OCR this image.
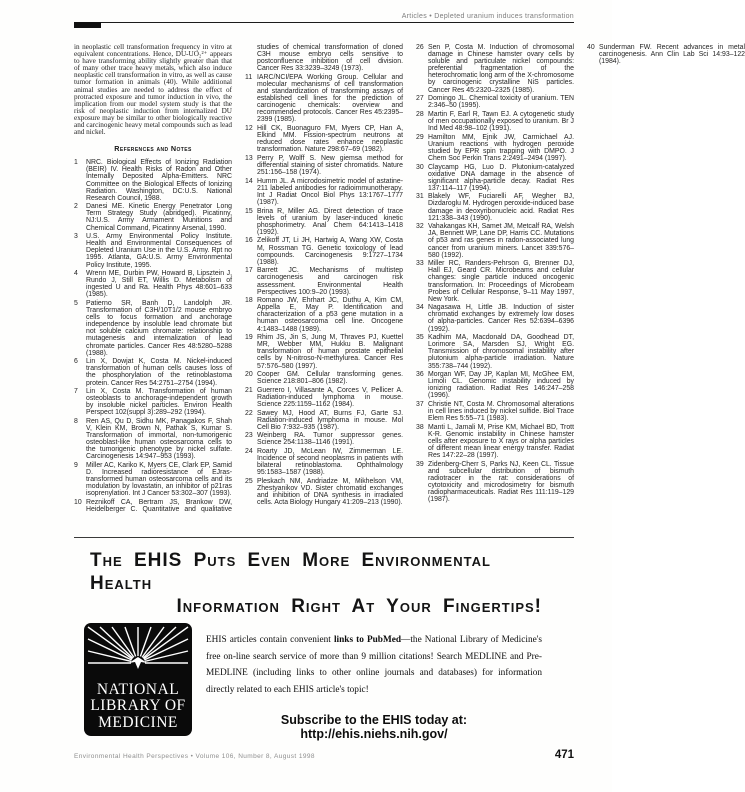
Articles • Depleted uranium induces transformation

in neoplastic cell transformation frequency in vitro at equivalent concentrations. Hence, DU-UO₂²⁺ appears to have transforming ability slightly greater than that of many other trace heavy metals, which also induce neoplastic cell transformation in vitro, as well as cause tumor formation in animals (40). While additional animal studies are needed to address the effect of protracted exposure and tumor induction in vivo, the implication from our model system study is that the risk of neoplastic induction from internalized DU exposure may be similar to other biologically reactive and carcinogenic heavy metal compounds such as lead and nickel.

References and Notes
1 NRC. Biological Effects of Ionizing Radiation (BEIR) IV. Health Risks of Radon and Other Internally Deposited Alpha-Emitters. NRC Committee on the Biological Effects of Ionizing Radiation. Washington, DC:U.S. National Research Council, 1988.
2 Danesi ME. Kinetic Energy Penetrator Long Term Strategy Study (abridged). Picatinny, NJ:U.S. Army Armament Munitions and Chemical Command, Picatinny Arsenal, 1990.
3 U.S. Army Environmental Policy Institute. Health and Environmental Consequences of Depleted Uranium Use in the U.S. Army. Rpt no 1995. Atlanta, GA:U.S. Army Environmental Policy Institute, 1995.
4 Wrenn ME, Durbin PW, Howard B, Lipsztein J, Rundo J, Still ET, Willis D. Metabolism of ingested U and Ra. Health Phys 48:601–633 (1985).
5 Patierno SR, Banh D, Landolph JR. Transformation of C3H/10T1/2 mouse embryo cells to focus formation and anchorage independence by insoluble lead chromate but not soluble calcium chromate: relationship to mutagenesis and internalization of lead chromate particles. Cancer Res 48:5280–5288 (1988).
6 Lin X, Dowjat K, Costa M. Nickel-induced transformation of human cells causes loss of the phosphorylation of the retinoblastoma protein. Cancer Res 54:2751–2754 (1994).
7 Lin X, Costa M. Transformation of human osteoblasts to anchorage-independent growth by insoluble nickel particles. Environ Health Perspect 102(suppl 3):289–292 (1994).
8 Ren AS, Qu D, Sidhu MK, Panagakos F, Shah V, Klein KM, Brown N, Pathak S, Kumar S. Transformation of immortal, non-tumorigenic osteoblast-like human osteosarcoma cells to the tumorigenic phenotype by nickel sulfate. Carcinogenesis 14:947–953 (1993).
9 Miller AC, Kariko K, Myers CE, Clark EP, Samid D. Increased radioresistance of EJras-transformed human osteosarcoma cells and its modulation by lovastatin, an inhibitor of p21ras isoprenylation. Int J Cancer 53:302–307 (1993).
10 Reznikoff CA, Bertram JS, Brankow DW, Heidelberger C. Quantitative and qualitative studies of chemical transformation of cloned C3H mouse embryo cells sensitive to postconfluence inhibition of cell division. Cancer Res 33:3239–3249 (1973).
11 IARC/NCI/EPA Working Group. Cellular and molecular mechanisms of cell transformation and standardization of transforming assays of established cell lines for the prediction of carcinogenic chemicals: overview and recommended protocols. Cancer Res 45:2395–2399 (1985).
12 Hill CK, Buonaguro FM, Myers CP, Han A, Elkind MM. Fission-spectrum neutrons at reduced dose rates enhance neoplastic transformation. Nature 298:67–69 (1982).
13 Perry P, Wolff S. New giemsa method for differential staining of sister chromatids. Nature 251:156–158 (1974).
14 Humm JL. A microdosimetric model of astatine-211 labeled antibodies for radioimmunotherapy. Int J Radiat Oncol Biol Phys 13:1767–1777 (1987).
15 Brina R, Miller AG. Direct detection of trace levels of uranium by laser-induced kinetic phosphorimetry. Anal Chem 64:1413–1418 (1992).
16 Zelikoff JT, Li JH, Hartwig A, Wang XW, Costa M, Rossman TG. Genetic toxicology of lead compounds. Carcinogenesis 9:1727–1734 (1988).
17 Barrett JC. Mechanisms of multistep carcinogenesis and carcinogen risk assessment. Environmental Health Perspectives 100:9–20 (1993).
18 Romano JW, Ehrhart JC, Duthu A, Kim CM, Appella E, May P. Identification and characterization of a p53 gene mutation in a human osteosarcoma cell line. Oncogene 4:1483–1488 (1989).
19 Rhim JS, Jin S, Jung M, Thraves PJ, Kuettel MR, Webber MM, Hukku B. Malignant transformation of human prostate epithelial cells by N-nitroso-N-methylurea. Cancer Res 57:576–580 (1997).
20 Cooper GM. Cellular transforming genes. Science 218:801–806 (1982).
21 Guerrero I, Villasante A, Corces V, Pellicer A. Radiation-induced lymphoma in mouse. Science 225:1159–1162 (1984).
22 Sawey MJ, Hood AT, Burns FJ, Garte SJ. Radiation-induced lymphoma in mouse. Mol Cell Bio 7:932–935 (1987).
23 Weinberg RA. Tumor suppressor genes. Science 254:1138–1146 (1991).
24 Roarty JD, McLean IW, Zimmerman LE. Incidence of second neoplasms in patients with bilateral retinoblastoma. Ophthalmology 95:1583–1587 (1988).
25 Pleskach NM, Andriadze M, Mikhelson VM, Zhestyanikov VD. Sister chromatid exchanges and inhibition of DNA synthesis in irradiated cells. Acta Biology Hungary 41:209–213 (1990).
26 Sen P, Costa M. Induction of chromosomal damage in Chinese hamster ovary cells by soluble and particulate nickel compounds: preferential fragmentation of the heterochromatic long arm of the X-chromosome by carcinogenic crystalline NiS particles. Cancer Res 45:2320–2325 (1985).
27 Domingo JL. Chemical toxicity of uranium. TEN 2:346–50 (1995).
28 Martin F, Earl R, Tawn EJ. A cytogenetic study of men occupationally exposed to uranium. Br J Ind Med 48:98–102 (1991).
29 Hamilton MM, Ejnik JW, Carmichael AJ. Uranium reactions with hydrogen peroxide studied by EPR spin trapping with DMPO. J Chem Soc Perkin Trans 2:2491–2494 (1997).
30 Claycamp HG, Luo D. Plutonium-catalyzed oxidative DNA damage in the absence of significant alpha-particle decay. Radiat Res 137:114–117 (1994).
31 Blakely WF, Fuciarelli AF, Wegher BJ, Dizdaroglu M. Hydrogen peroxide-induced base damage in deoxyribonucleic acid. Radiat Res 121:338–343 (1990).
32 Vahakangas KH, Samet JM, Metcalf RA, Welsh JA, Bennett WP, Lane DP, Harris CC. Mutations of p53 and ras genes in radon-associated lung cancer from uranium miners. Lancet 339:576–580 (1992).
33 Miller RC, Randers-Pehrson G, Brenner DJ, Hall EJ, Geard CR. Microbeams and cellular changes: single particle induced oncogenic transformation. In: Proceedings of Microbeam Probes of Cellular Response, 9–11 May 1997, New York.
34 Nagasawa H, Little JB. Induction of sister chromatid exchanges by extremely low doses of alpha-particles. Cancer Res 52:6394–6396 (1992).
35 Kadhim MA, Macdonald DA, Goodhead DT, Lorimore SA, Marsden SJ, Wright EG. Transmission of chromosomal instability after plutonium alpha-particle irradiation. Nature 355:738–744 (1992).
36 Morgan WF, Day JP, Kaplan MI, McGhee EM, Limoli CL. Genomic instability induced by ionizing radiation. Radiat Res 146:247–258 (1996).
37 Christie NT, Costa M. Chromosomal alterations in cell lines induced by nickel sulfide. Biol Trace Elem Res 5:55–71 (1983).
38 Manti L, Jamali M, Prise KM, Michael BD, Trott K-R. Genomic instability in Chinese hamster cells after exposure to X rays or alpha particles of different mean linear energy transfer. Radiat Res 147:22–28 (1997).
39 Zidenberg-Cherr S, Parks NJ, Keen CL. Tissue and subcellular distribution of bismuth radiotracer in the rat: considerations of cytotoxicity and microdosimetry for bismuth radiopharmaceuticals. Radiat Res 111:119–129 (1987).
40 Sunderman FW. Recent advances in metal carcinogenesis. Ann Clin Lab Sci 14:93–122 (1984).
The EHIS Puts Even More Environmental Health
Information Right At Your Fingertips!
NATIONAL
LIBRARY OF
MEDICINE

EHIS articles contain convenient links to PubMed—the National Library of Medicine's free on-line search service of more than 9 million citations! Search MEDLINE and Pre-MEDLINE (including links to other online journals and databases) for information directly related to each EHIS article's topic!

Subscribe to the EHIS today at: http://ehis.niehs.nih.gov/

Environmental Health Perspectives • Volume 106, Number 8, August 1998	471
